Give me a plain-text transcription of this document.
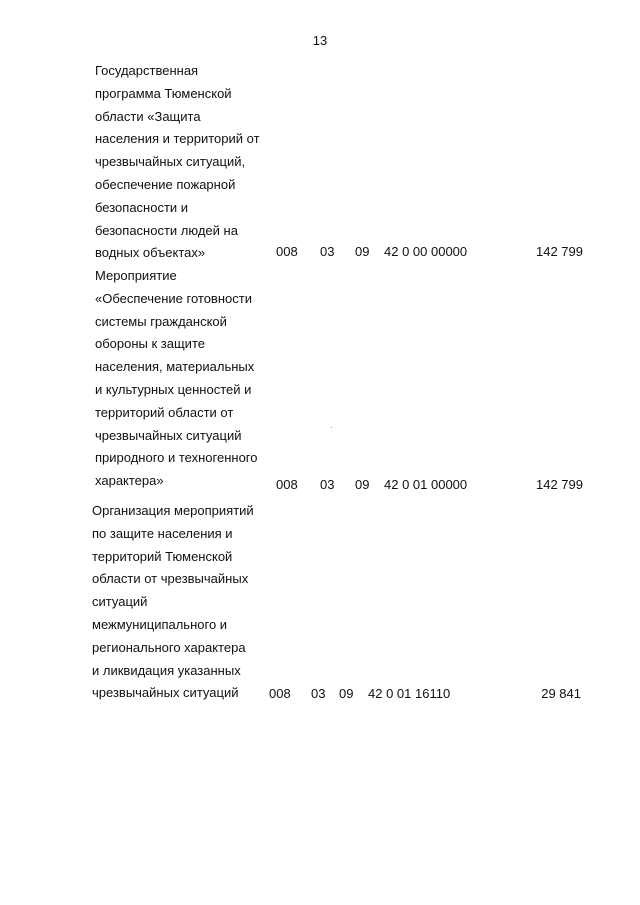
13
Государственная
программа Тюменской
области «Защита
населения и территорий от
чрезвычайных ситуаций,
обеспечение пожарной
безопасности и
безопасности людей на
водных объектах»	008 03 09 42 0 00 00000	142 799
Мероприятие
«Обеспечение готовности
системы гражданской
обороны к защите
населения, материальных
и культурных ценностей и
территорий области от
чрезвычайных ситуаций
природного и техногенного
характера»	008 03 09 42 0 01 00000	142 799
Организация мероприятий
по защите населения и
территорий Тюменской
области от чрезвычайных
ситуаций
межмуниципального и
регионального характера
и ликвидация указанных
чрезвычайных ситуаций	008 03 09 42 0 01 16110	29 841
